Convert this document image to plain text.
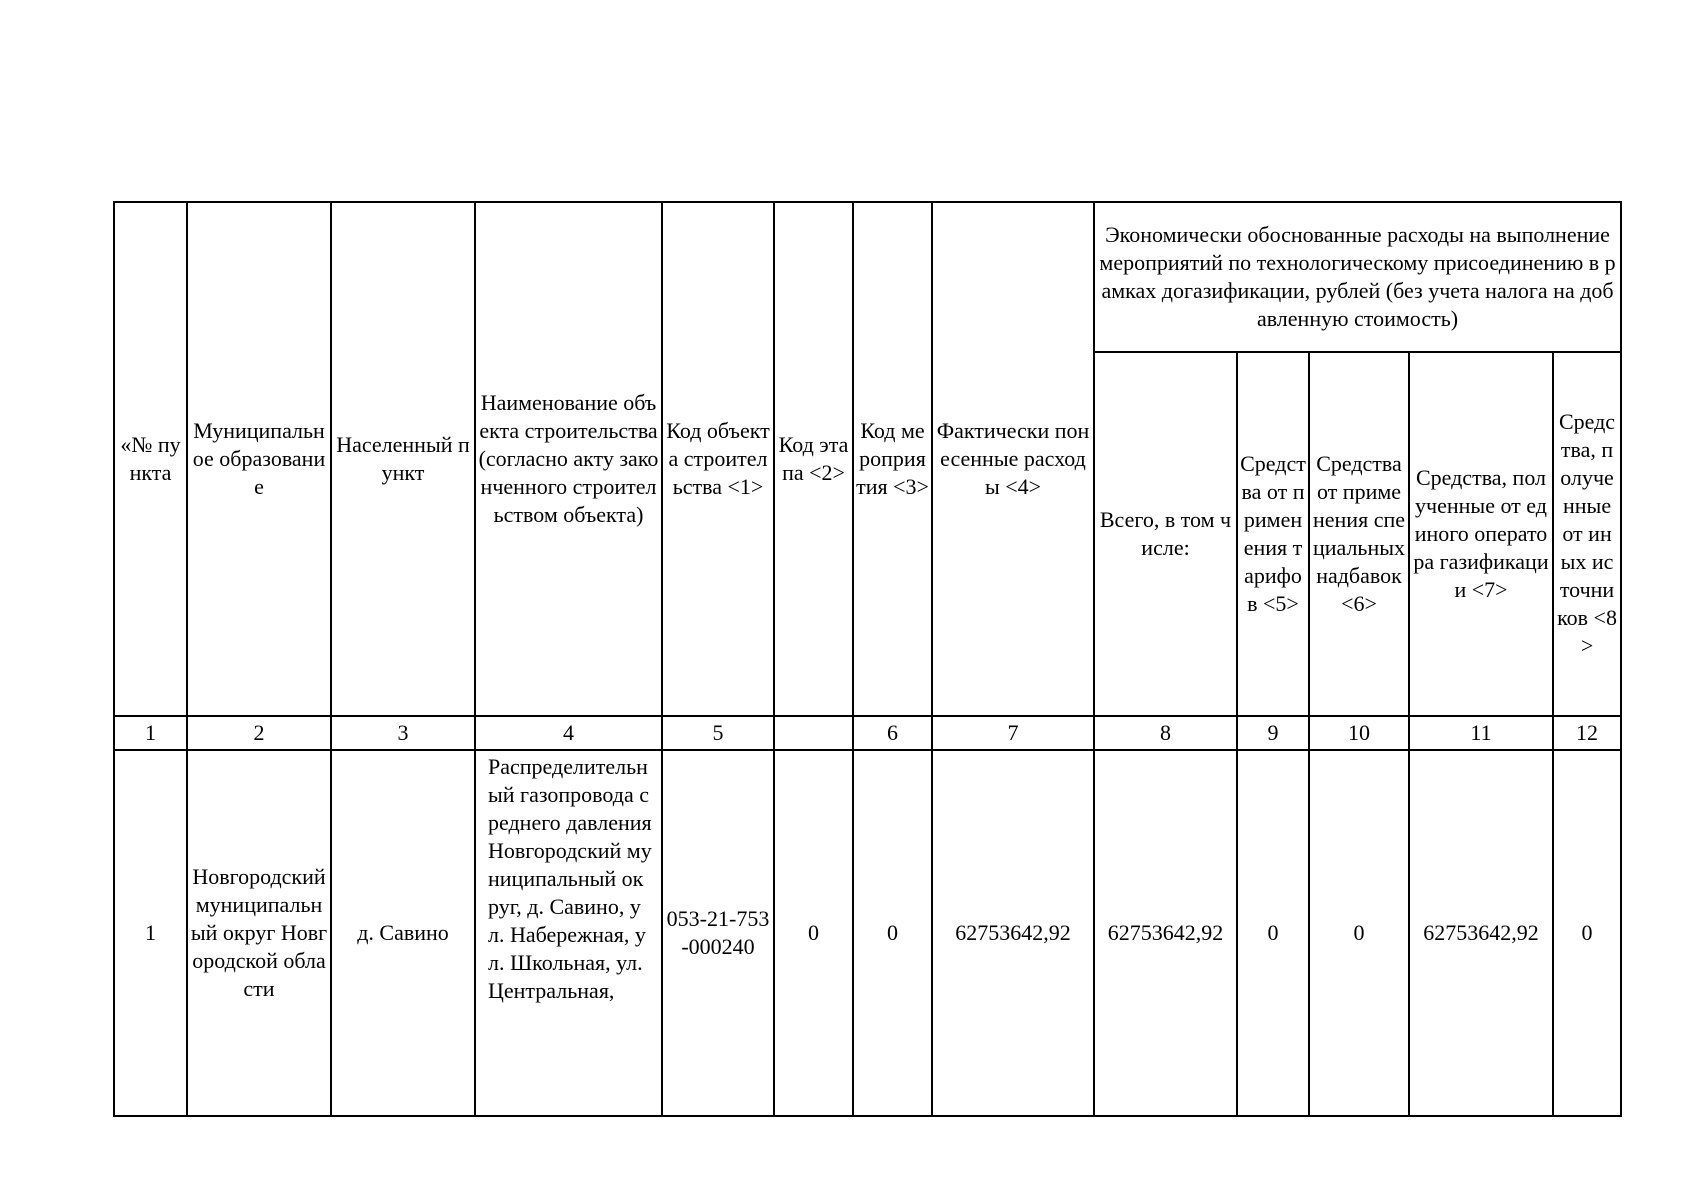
«№ пункта	Муниципальное образование	Населенный пункт	Наименование объекта строительства (согласно акту законченного строительством объекта)	Код объекта строительства <1>	Код этапа <2>	Код мероприятия <3>	Фактически понесенные расходы <4>	Экономически обоснованные расходы на выполнение мероприятий по технологическому присоединению в рамках догазификации, рублей (без учета налога на добавленную стоимость)				
								Всего, в том числе:	Средства от применения тарифов <5>	Средства от применения специальных надбавок <6>	Средства, полученные от единого оператора газификации <7>	Средства, полученные от иных источников <8>
1	2	3	4	5		6	7	8	9	10	11	12
1	Новгородский муниципальный округ Новгородской области	д. Савино	Распределительный газопровода среднего давления Новгородский муниципальный округ, д. Савино, ул. Набережная, ул. Школьная, ул. Центральная,	053-21-753-000240	0	0	62753642,92	62753642,92	0	0	62753642,92	0
